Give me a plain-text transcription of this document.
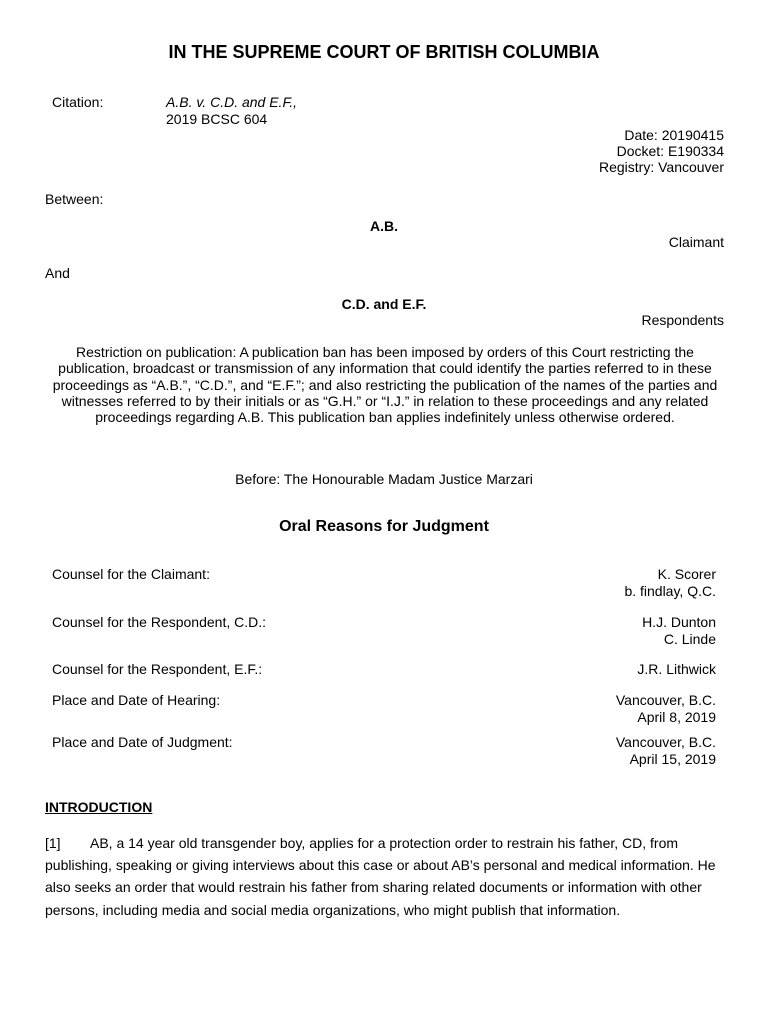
IN THE SUPREME COURT OF BRITISH COLUMBIA
Citation:	A.B. v. C.D. and E.F.,
2019 BCSC 604
Date: 20190415
Docket: E190334
Registry: Vancouver
Between:
A.B.
Claimant
And
C.D. and E.F.
Respondents
Restriction on publication: A publication ban has been imposed by orders of this Court restricting the publication, broadcast or transmission of any information that could identify the parties referred to in these proceedings as “A.B.”, “C.D.”, and “E.F.”; and also restricting the publication of the names of the parties and witnesses referred to by their initials or as “G.H.” or “I.J.” in relation to these proceedings and any related proceedings regarding A.B. This publication ban applies indefinitely unless otherwise ordered.
Before: The Honourable Madam Justice Marzari
Oral Reasons for Judgment
Counsel for the Claimant:	K. Scorer
b. findlay, Q.C.
Counsel for the Respondent, C.D.:	H.J. Dunton
C. Linde
Counsel for the Respondent, E.F.:	J.R. Lithwick
Place and Date of Hearing:	Vancouver, B.C.
April 8, 2019
Place and Date of Judgment:	Vancouver, B.C.
April 15, 2019
INTRODUCTION
[1] AB, a 14 year old transgender boy, applies for a protection order to restrain his father, CD, from publishing, speaking or giving interviews about this case or about AB’s personal and medical information. He also seeks an order that would restrain his father from sharing related documents or information with other persons, including media and social media organizations, who might publish that information.
